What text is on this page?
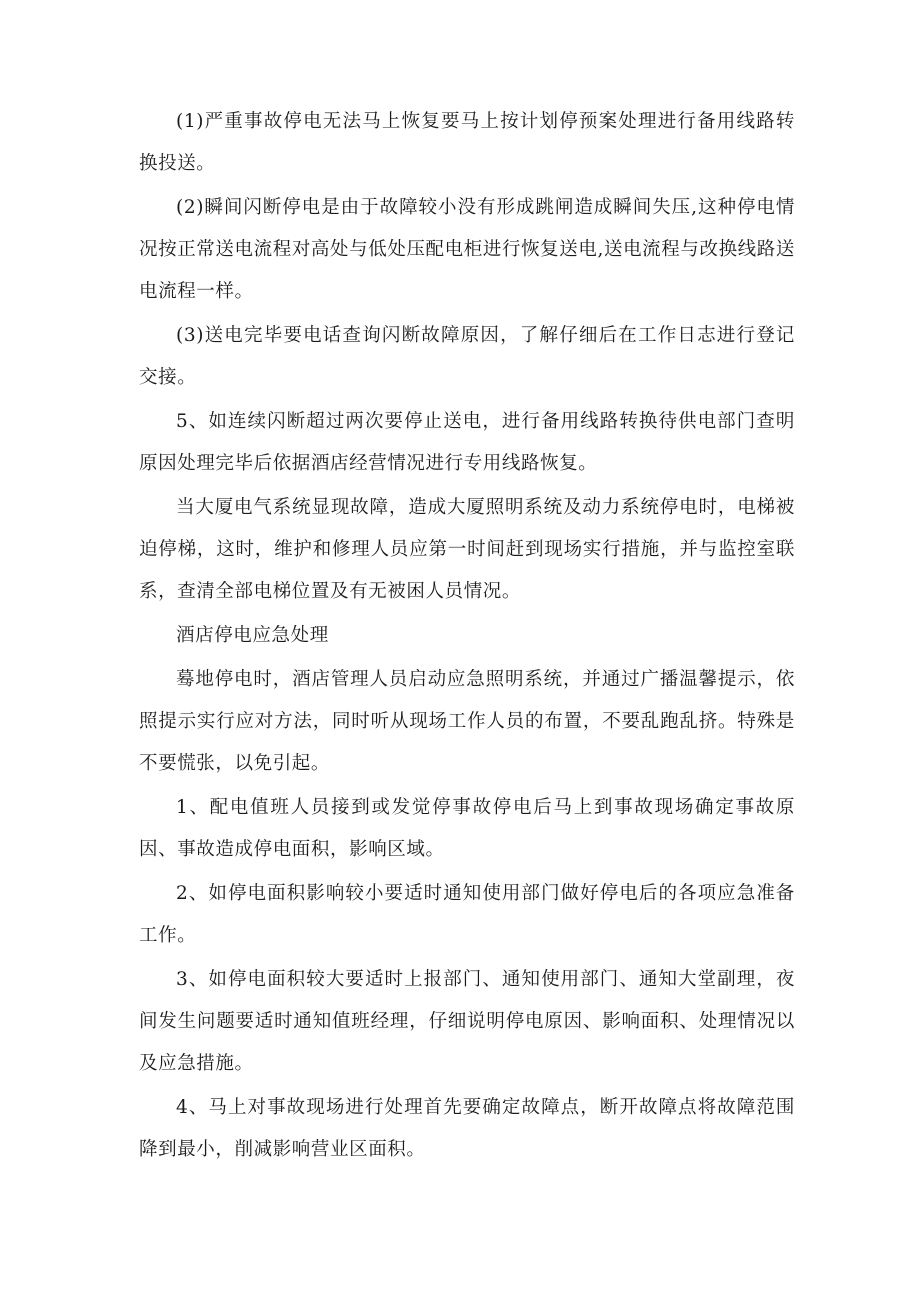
(1)严重事故停电无法马上恢复要马上按计划停预案处理进行备用线路转换投送。

(2)瞬间闪断停电是由于故障较小没有形成跳闸造成瞬间失压,这种停电情况按正常送电流程对高处与低处压配电柜进行恢复送电,送电流程与改换线路送电流程一样。

(3)送电完毕要电话查询闪断故障原因，了解仔细后在工作日志进行登记交接。

5、如连续闪断超过两次要停止送电，进行备用线路转换待供电部门查明原因处理完毕后依据酒店经营情况进行专用线路恢复。

当大厦电气系统显现故障，造成大厦照明系统及动力系统停电时，电梯被迫停梯，这时，维护和修理人员应第一时间赶到现场实行措施，并与监控室联系，查清全部电梯位置及有无被困人员情况。

酒店停电应急处理

蓦地停电时，酒店管理人员启动应急照明系统，并通过广播温馨提示，依照提示实行应对方法，同时听从现场工作人员的布置，不要乱跑乱挤。特殊是不要慌张，以免引起。

1、配电值班人员接到或发觉停事故停电后马上到事故现场确定事故原因、事故造成停电面积，影响区域。

2、如停电面积影响较小要适时通知使用部门做好停电后的各项应急准备工作。

3、如停电面积较大要适时上报部门、通知使用部门、通知大堂副理，夜间发生问题要适时通知值班经理，仔细说明停电原因、影响面积、处理情况以及应急措施。

4、马上对事故现场进行处理首先要确定故障点，断开故障点将故障范围降到最小，削减影响营业区面积。
